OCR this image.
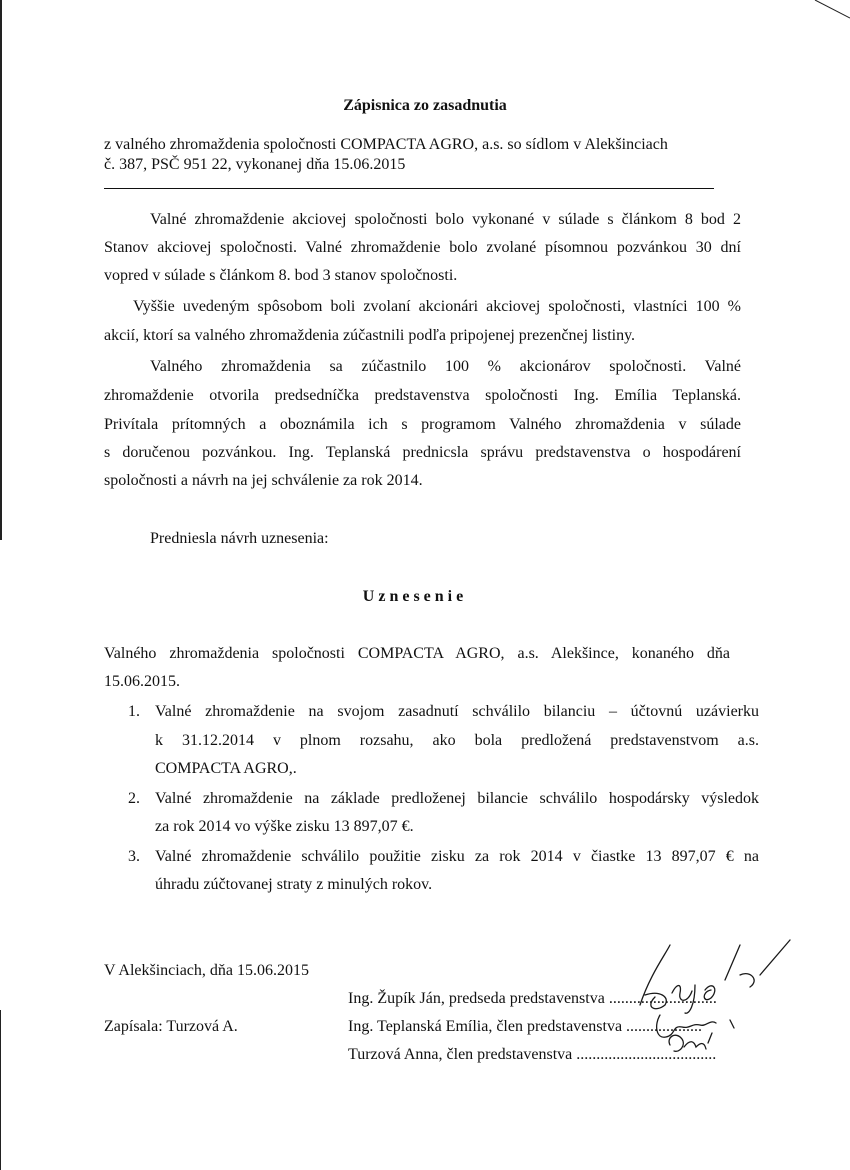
Zápisnica zo zasadnutia
z valného zhromaždenia spoločnosti COMPACTA AGRO, a.s. so sídlom v Alekšinciach
č. 387, PSČ 951 22, vykonanej dňa 15.06.2015
Valné zhromaždenie akciovej spoločnosti bolo vykonané v súlade s článkom 8 bod 2
Stanov akciovej spoločnosti. Valné zhromaždenie bolo zvolané písomnou pozvánkou 30 dní
vopred v súlade s článkom 8. bod 3 stanov spoločnosti.
Vyššie uvedeným spôsobom boli zvolaní akcionári akciovej spoločnosti, vlastníci 100 %
akcií, ktorí sa valného zhromaždenia zúčastnili podľa pripojenej prezenčnej listiny.
Valného zhromaždenia sa zúčastnilo 100 % akcionárov spoločnosti. Valné
zhromaždenie otvorila predsedníčka predstavenstva spoločnosti Ing. Emília Teplanská.
Privítala prítomných a oboznámila ich s programom Valného zhromaždenia v súlade
s doručenou pozvánkou. Ing. Teplanská prednicsla správu predstavenstva o hospodárení
spoločnosti a návrh na jej schválenie za rok 2014.
Predniesla návrh uznesenia:
Uznesenie
Valného zhromaždenia spoločnosti COMPACTA AGRO, a.s. Alekšince, konaného dňa
15.06.2015.
1. Valné zhromaždenie na svojom zasadnutí schválilo bilanciu – účtovnú uzávierku
k 31.12.2014 v plnom rozsahu, ako bola predložená predstavenstvom a.s.
COMPACTA AGRO,.
2. Valné zhromaždenie na základe predloženej bilancie schválilo hospodársky výsledok
za rok 2014 vo výške zisku 13 897,07 €.
3. Valné zhromaždenie schválilo použitie zisku za rok 2014 v čiastke 13 897,07 € na
úhradu zúčtovanej straty z minulých rokov.
V Alekšinciach, dňa 15.06.2015
Zapísala: Turzová A.
Ing. Župík Ján, predseda predstavenstva ...........................
Ing. Teplanská Emília, člen predstavenstva ...................
Turzová Anna, člen predstavenstva ...................................
